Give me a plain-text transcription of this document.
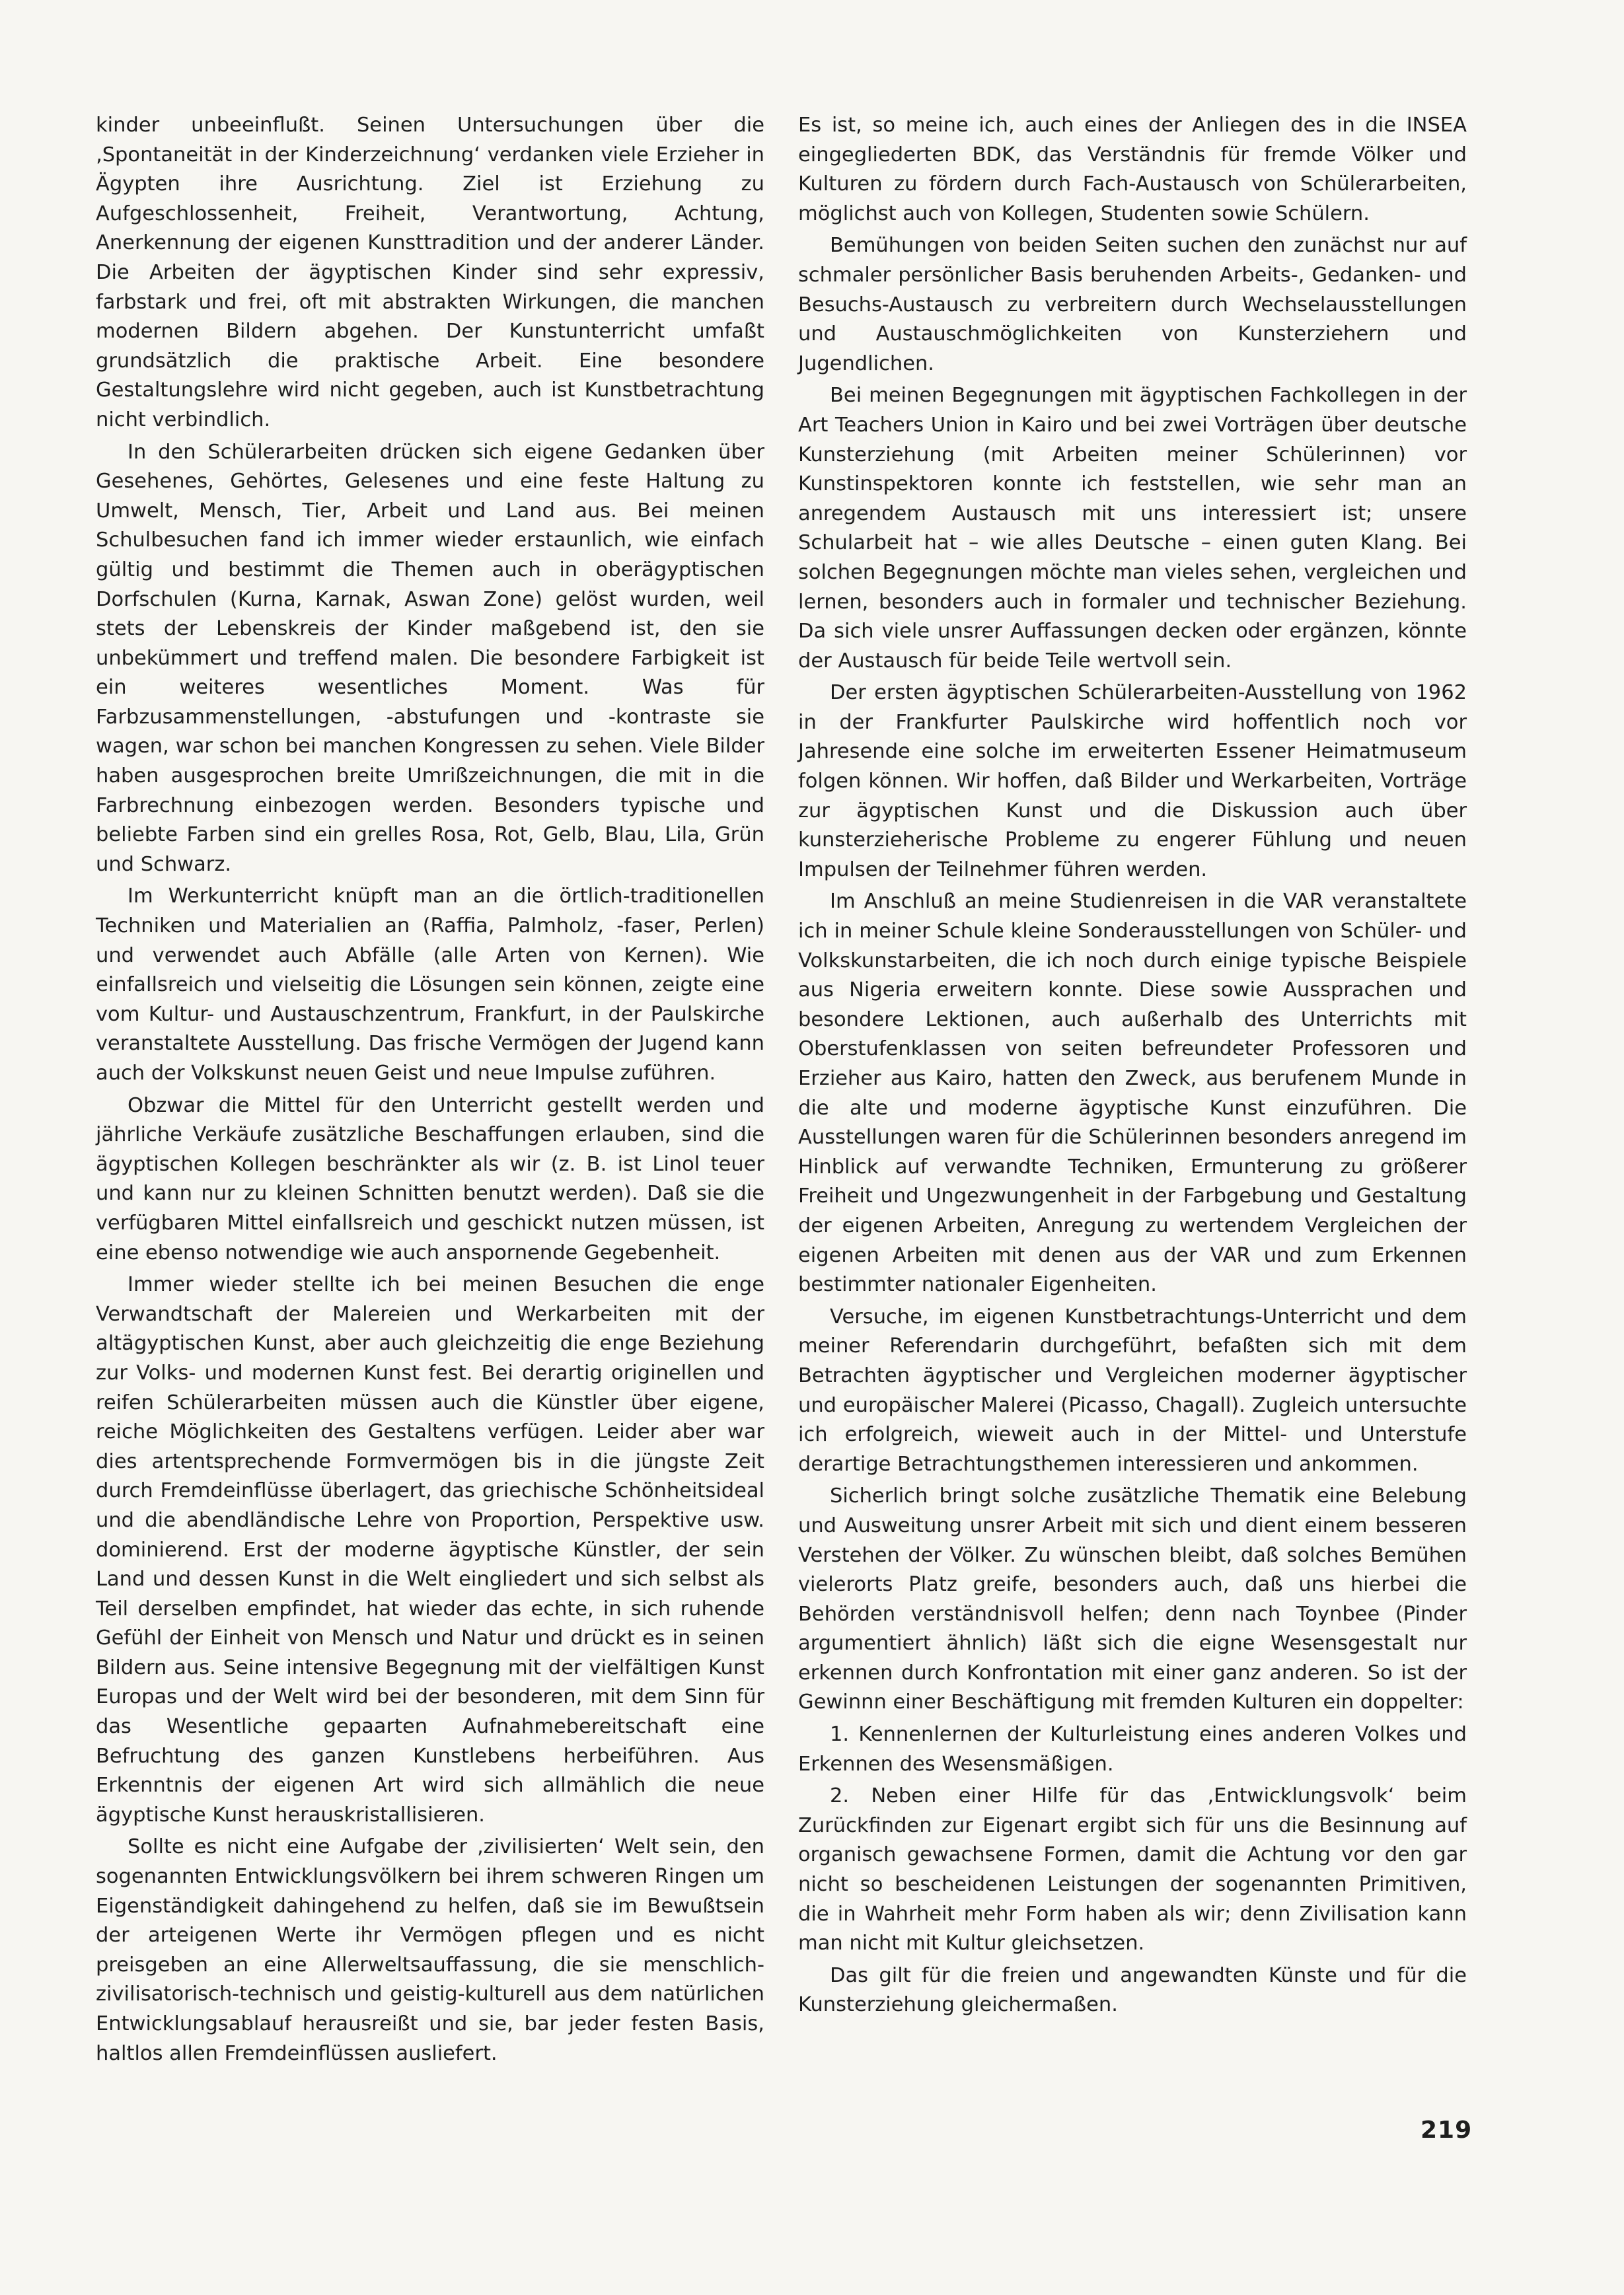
kinder unbeeinflußt. Seinen Untersuchungen über die ‚Spontaneität in der Kinderzeichnung‘ verdanken viele Erzieher in Ägypten ihre Ausrichtung. Ziel ist Erziehung zu Aufgeschlossenheit, Freiheit, Verantwortung, Achtung, Anerkennung der eigenen Kunsttradition und der anderer Länder. Die Arbeiten der ägyptischen Kinder sind sehr expressiv, farbstark und frei, oft mit abstrakten Wirkungen, die manchen modernen Bildern abgehen. Der Kunstunterricht umfaßt grundsätzlich die praktische Arbeit. Eine besondere Gestaltungslehre wird nicht gegeben, auch ist Kunstbetrachtung nicht verbindlich.

In den Schülerarbeiten drücken sich eigene Gedanken über Gesehenes, Gehörtes, Gelesenes und eine feste Haltung zu Umwelt, Mensch, Tier, Arbeit und Land aus. Bei meinen Schulbesuchen fand ich immer wieder erstaunlich, wie einfach gültig und bestimmt die Themen auch in oberägyptischen Dorfschulen (Kurna, Karnak, Aswan Zone) gelöst wurden, weil stets der Lebenskreis der Kinder maßgebend ist, den sie unbekümmert und treffend malen. Die besondere Farbigkeit ist ein weiteres wesentliches Moment. Was für Farbzusammenstellungen, -abstufungen und -kontraste sie wagen, war schon bei manchen Kongressen zu sehen. Viele Bilder haben ausgesprochen breite Umrißzeichnungen, die mit in die Farbrechnung einbezogen werden. Besonders typische und beliebte Farben sind ein grelles Rosa, Rot, Gelb, Blau, Lila, Grün und Schwarz.

Im Werkunterricht knüpft man an die örtlich-traditionellen Techniken und Materialien an (Raffia, Palmholz, -faser, Perlen) und verwendet auch Abfälle (alle Arten von Kernen). Wie einfallsreich und vielseitig die Lösungen sein können, zeigte eine vom Kultur- und Austauschzentrum, Frankfurt, in der Paulskirche veranstaltete Ausstellung. Das frische Vermögen der Jugend kann auch der Volkskunst neuen Geist und neue Impulse zuführen.

Obzwar die Mittel für den Unterricht gestellt werden und jährliche Verkäufe zusätzliche Beschaffungen erlauben, sind die ägyptischen Kollegen beschränkter als wir (z. B. ist Linol teuer und kann nur zu kleinen Schnitten benutzt werden). Daß sie die verfügbaren Mittel einfallsreich und geschickt nutzen müssen, ist eine ebenso notwendige wie auch anspornende Gegebenheit.

Immer wieder stellte ich bei meinen Besuchen die enge Verwandtschaft der Malereien und Werkarbeiten mit der altägyptischen Kunst, aber auch gleichzeitig die enge Beziehung zur Volks- und modernen Kunst fest. Bei derartig originellen und reifen Schülerarbeiten müssen auch die Künstler über eigene, reiche Möglichkeiten des Gestaltens verfügen. Leider aber war dies artentsprechende Formvermögen bis in die jüngste Zeit durch Fremdeinflüsse überlagert, das griechische Schönheitsideal und die abendländische Lehre von Proportion, Perspektive usw. dominierend. Erst der moderne ägyptische Künstler, der sein Land und dessen Kunst in die Welt eingliedert und sich selbst als Teil derselben empfindet, hat wieder das echte, in sich ruhende Gefühl der Einheit von Mensch und Natur und drückt es in seinen Bildern aus. Seine intensive Begegnung mit der vielfältigen Kunst Europas und der Welt wird bei der besonderen, mit dem Sinn für das Wesentliche gepaarten Aufnahmebereitschaft eine Befruchtung des ganzen Kunstlebens herbeiführen. Aus Erkenntnis der eigenen Art wird sich allmählich die neue ägyptische Kunst herauskristallisieren.

Sollte es nicht eine Aufgabe der ‚zivilisierten‘ Welt sein, den sogenannten Entwicklungsvölkern bei ihrem schweren Ringen um Eigenständigkeit dahingehend zu helfen, daß sie im Bewußtsein der arteigenen Werte ihr Vermögen pflegen und es nicht preisgeben an eine Allerweltsauffassung, die sie menschlich-zivilisatorisch-technisch und geistig-kulturell aus dem natürlichen Entwicklungsablauf herausreißt und sie, bar jeder festen Basis, haltlos allen Fremdeinflüssen ausliefert.

Es ist, so meine ich, auch eines der Anliegen des in die INSEA eingegliederten BDK, das Verständnis für fremde Völker und Kulturen zu fördern durch Fach-Austausch von Schülerarbeiten, möglichst auch von Kollegen, Studenten sowie Schülern.

Bemühungen von beiden Seiten suchen den zunächst nur auf schmaler persönlicher Basis beruhenden Arbeits-, Gedanken- und Besuchs-Austausch zu verbreitern durch Wechselausstellungen und Austauschmöglichkeiten von Kunsterziehern und Jugendlichen.

Bei meinen Begegnungen mit ägyptischen Fachkollegen in der Art Teachers Union in Kairo und bei zwei Vorträgen über deutsche Kunsterziehung (mit Arbeiten meiner Schülerinnen) vor Kunstinspektoren konnte ich feststellen, wie sehr man an anregendem Austausch mit uns interessiert ist; unsere Schularbeit hat – wie alles Deutsche – einen guten Klang. Bei solchen Begegnungen möchte man vieles sehen, vergleichen und lernen, besonders auch in formaler und technischer Beziehung. Da sich viele unsrer Auffassungen decken oder ergänzen, könnte der Austausch für beide Teile wertvoll sein.

Der ersten ägyptischen Schülerarbeiten-Ausstellung von 1962 in der Frankfurter Paulskirche wird hoffentlich noch vor Jahresende eine solche im erweiterten Essener Heimatmuseum folgen können. Wir hoffen, daß Bilder und Werkarbeiten, Vorträge zur ägyptischen Kunst und die Diskussion auch über kunsterzieherische Probleme zu engerer Fühlung und neuen Impulsen der Teilnehmer führen werden.

Im Anschluß an meine Studienreisen in die VAR veranstaltete ich in meiner Schule kleine Sonderausstellungen von Schüler- und Volkskunstarbeiten, die ich noch durch einige typische Beispiele aus Nigeria erweitern konnte. Diese sowie Aussprachen und besondere Lektionen, auch außerhalb des Unterrichts mit Oberstufenklassen von seiten befreundeter Professoren und Erzieher aus Kairo, hatten den Zweck, aus berufenem Munde in die alte und moderne ägyptische Kunst einzuführen. Die Ausstellungen waren für die Schülerinnen besonders anregend im Hinblick auf verwandte Techniken, Ermunterung zu größerer Freiheit und Ungezwungenheit in der Farbgebung und Gestaltung der eigenen Arbeiten, Anregung zu wertendem Vergleichen der eigenen Arbeiten mit denen aus der VAR und zum Erkennen bestimmter nationaler Eigenheiten.

Versuche, im eigenen Kunstbetrachtungs-Unterricht und dem meiner Referendarin durchgeführt, befaßten sich mit dem Betrachten ägyptischer und Vergleichen moderner ägyptischer und europäischer Malerei (Picasso, Chagall). Zugleich untersuchte ich erfolgreich, wieweit auch in der Mittel- und Unterstufe derartige Betrachtungsthemen interessieren und ankommen.

Sicherlich bringt solche zusätzliche Thematik eine Belebung und Ausweitung unsrer Arbeit mit sich und dient einem besseren Verstehen der Völker. Zu wünschen bleibt, daß solches Bemühen vielerorts Platz greife, besonders auch, daß uns hierbei die Behörden verständnisvoll helfen; denn nach Toynbee (Pinder argumentiert ähnlich) läßt sich die eigne Wesensgestalt nur erkennen durch Konfrontation mit einer ganz anderen. So ist der Gewinnn einer Beschäftigung mit fremden Kulturen ein doppelter:

1. Kennenlernen der Kulturleistung eines anderen Volkes und Erkennen des Wesensmäßigen.

2. Neben einer Hilfe für das ‚Entwicklungsvolk‘ beim Zurückfinden zur Eigenart ergibt sich für uns die Besinnung auf organisch gewachsene Formen, damit die Achtung vor den gar nicht so bescheidenen Leistungen der sogenannten Primitiven, die in Wahrheit mehr Form haben als wir; denn Zivilisation kann man nicht mit Kultur gleichsetzen.

Das gilt für die freien und angewandten Künste und für die Kunsterziehung gleichermaßen.

219
